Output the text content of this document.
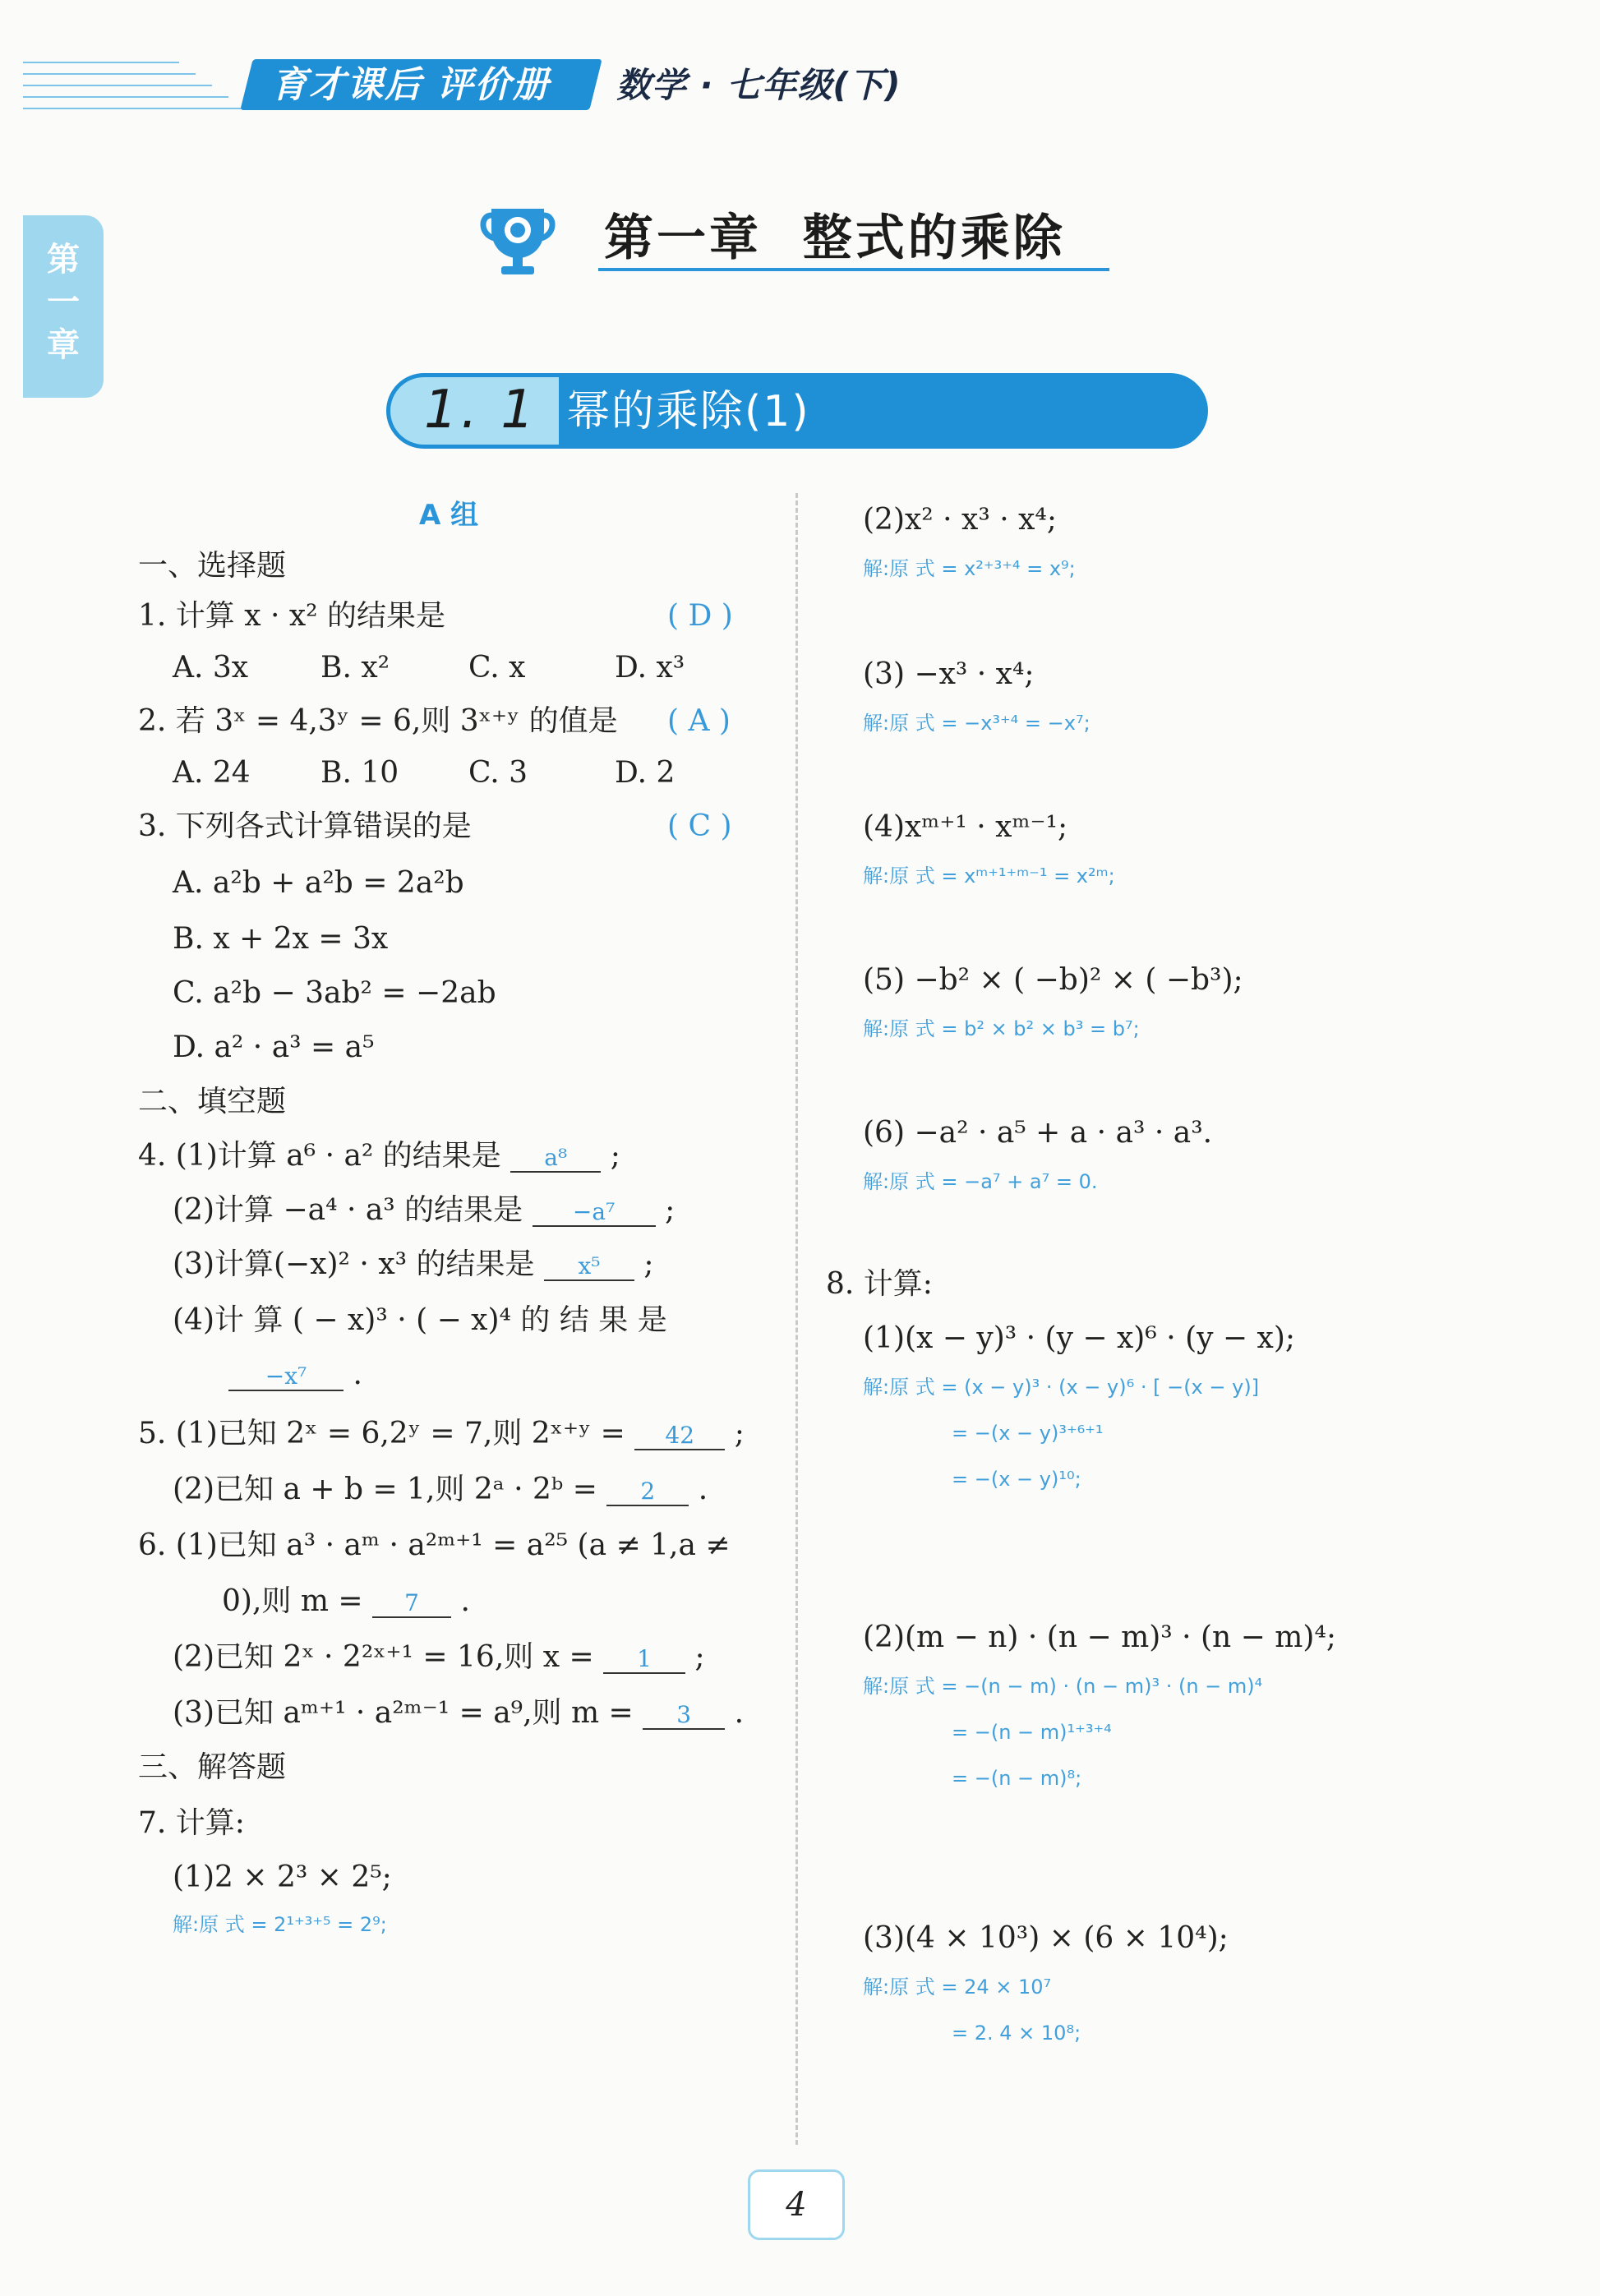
育才课后 评价册	数学 · 七年级(下)
第一章
第一章  整式的乘除
1. 1 幂的乘除(1)
A 组
一、选择题
1. 计算 x · x² 的结果是	( D )
A. 3x B. x²	C. x	D. x³
2. 若 3ˣ = 4,3ʸ = 6,则 3ˣ⁺ʸ 的值是 ( A )
A. 24 B. 10 C. 3	D. 2
3. 下列各式计算错误的是	( C )
A. a²b + a²b = 2a²b
B. x + 2x = 3x
C. a²b − 3ab² = −2ab
D. a² · a³ = a⁵
二、填空题
4. (1)计算 a⁶ · a² 的结果是 a⁸ ;
(2)计算 −a⁴ · a³ 的结果是 −a⁷ ;
(3)计算(−x)² · x³ 的结果是 x⁵ ;
(4)计 算 ( − x)³ · ( − x)⁴ 的 结 果 是
−x⁷ .
5. (1)已知 2ˣ = 6,2ʸ = 7,则 2ˣ⁺ʸ = 42 ;
(2)已知 a + b = 1,则 2ᵃ · 2ᵇ = 2 .
6. (1)已知 a³ · aᵐ · a²ᵐ⁺¹ = a²⁵ (a ≠ 1,a ≠
0),则 m = 7 .
(2)已知 2ˣ · 2²ˣ⁺¹ = 16,则 x = 1 ;
(3)已知 aᵐ⁺¹ · a²ᵐ⁻¹ = a⁹,则 m = 3 .
三、解答题
7. 计算:
(1)2 × 2³ × 2⁵;
解:原 式 = 2¹⁺³⁺⁵ = 2⁹;
(2)x² · x³ · x⁴;
解:原 式 = x²⁺³⁺⁴ = x⁹;
(3) −x³ · x⁴;
解:原 式 = −x³⁺⁴ = −x⁷;
(4)xᵐ⁺¹ · xᵐ⁻¹;
解:原 式 = xᵐ⁺¹⁺ᵐ⁻¹ = x²ᵐ;
(5) −b² × ( −b)² × ( −b³);
解:原 式 = b² × b² × b³ = b⁷;
(6) −a² · a⁵ + a · a³ · a³.
解:原 式 = −a⁷ + a⁷ = 0.
8. 计算:
(1)(x − y)³ · (y − x)⁶ · (y − x);
解:原 式 = (x − y)³ · (x − y)⁶ · [ −(x − y)]
= −(x − y)³⁺⁶⁺¹
= −(x − y)¹⁰;
(2)(m − n) · (n − m)³ · (n − m)⁴;
解:原 式 = −(n − m) · (n − m)³ · (n − m)⁴
= −(n − m)¹⁺³⁺⁴
= −(n − m)⁸;
(3)(4 × 10³) × (6 × 10⁴);
解:原 式 = 24 × 10⁷
= 2. 4 × 10⁸;
4
